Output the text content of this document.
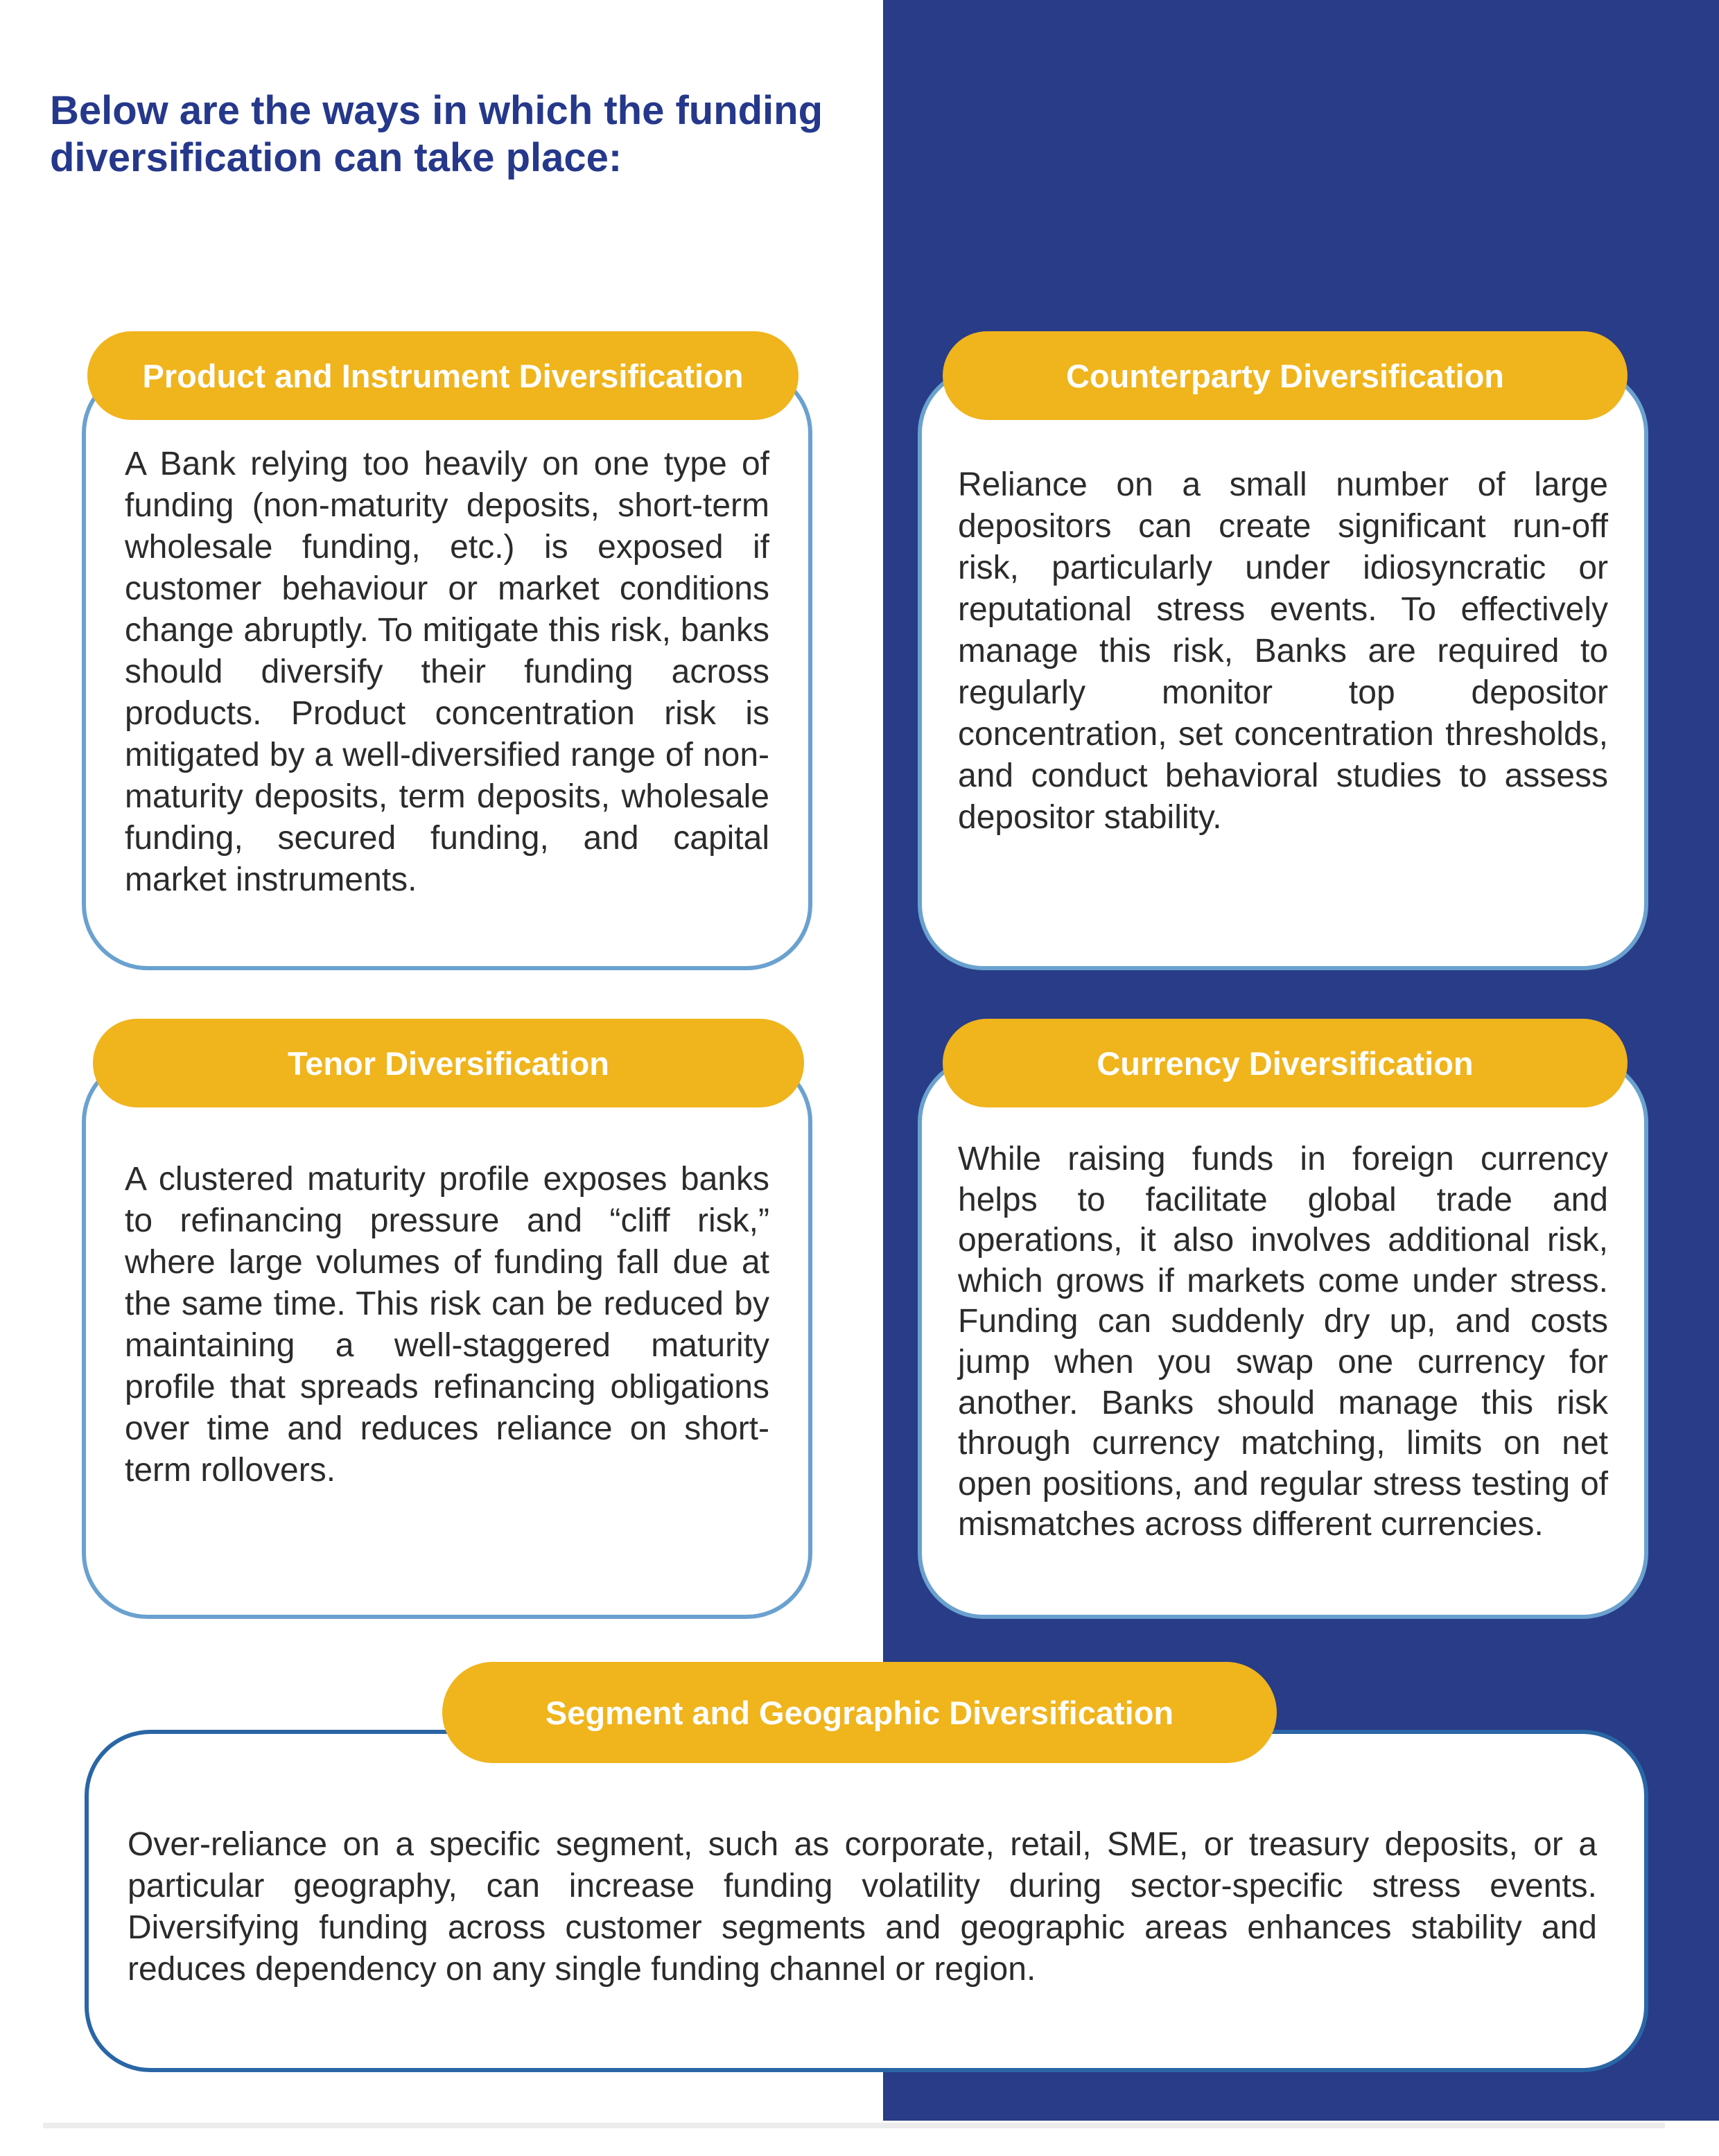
Below are the ways in which the funding diversification can take place:

A Bank relying too heavily on one type of funding (non-maturity deposits, short-term wholesale funding, etc.) is exposed if customer behaviour or market conditions change abruptly. To mitigate this risk, banks should diversify their funding across products. Product concentration risk is mitigated by a well-diversified range of non-maturity deposits, term deposits, wholesale funding, secured funding, and capital market instruments.

Product and Instrument Diversification

Reliance on a small number of large depositors can create significant run-off risk, particularly under idiosyncratic or reputational stress events. To effectively manage this risk, Banks are required to regularly monitor top depositor concentration, set concentration thresholds, and conduct behavioral studies to assess depositor stability.

Counterparty Diversification

A clustered maturity profile exposes banks to refinancing pressure and “cliff risk,” where large volumes of funding fall due at the same time. This risk can be reduced by maintaining a well-staggered maturity profile that spreads refinancing obligations over time and reduces reliance on short-term rollovers.

Tenor Diversification

While raising funds in foreign currency helps to facilitate global trade and operations, it also involves additional risk, which grows if markets come under stress. Funding can suddenly dry up, and costs jump when you swap one currency for another. Banks should manage this risk through currency matching, limits on net open positions, and regular stress testing of mismatches across different currencies.

Currency Diversification

Over-reliance on a specific segment, such as corporate, retail, SME, or treasury deposits, or a particular geography, can increase funding volatility during sector-specific stress events. Diversifying funding across customer segments and geographic areas enhances stability and reduces dependency on any single funding channel or region.

Segment and Geographic Diversification
